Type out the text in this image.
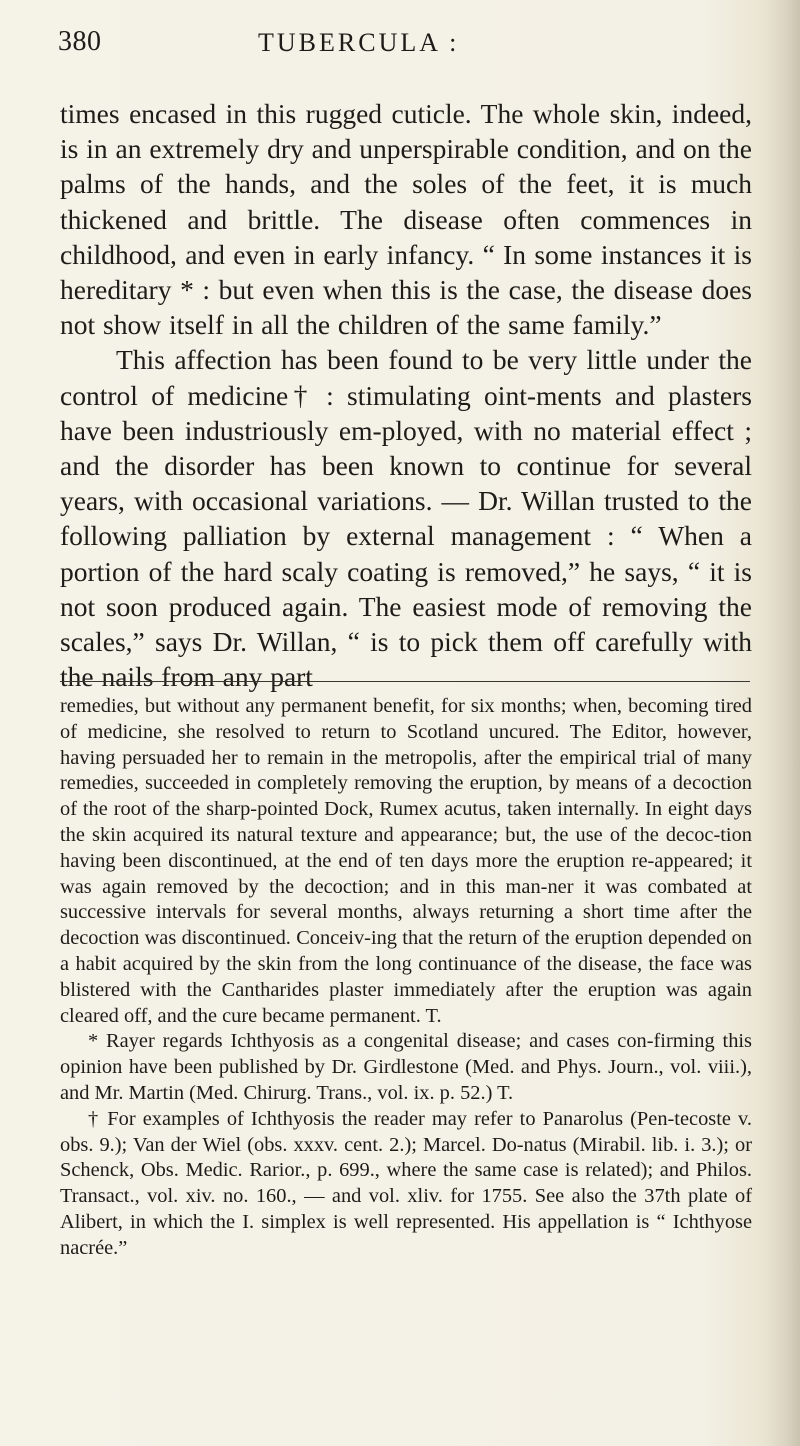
380	TUBERCULA :

times encased in this rugged cuticle. The whole skin, indeed, is in an extremely dry and unperspirable condition, and on the palms of the hands, and the soles of the feet, it is much thickened and brittle. The disease often commences in childhood, and even in early infancy. “ In some instances it is hereditary * : but even when this is the case, the disease does not show itself in all the children of the same family.”

This affection has been found to be very little under the control of medicine† : stimulating oint-ments and plasters have been industriously em-ployed, with no material effect ; and the disorder has been known to continue for several years, with occasional variations. — Dr. Willan trusted to the following palliation by external management : “ When a portion of the hard scaly coating is removed,” he says, “ it is not soon produced again. The easiest mode of removing the scales,” says Dr. Willan, “ is to pick them off carefully with the nails from any part

remedies, but without any permanent benefit, for six months; when, becoming tired of medicine, she resolved to return to Scotland uncured. The Editor, however, having persuaded her to remain in the metropolis, after the empirical trial of many remedies, succeeded in completely removing the eruption, by means of a decoction of the root of the sharp-pointed Dock, Rumex acutus, taken internally. In eight days the skin acquired its natural texture and appearance; but, the use of the decoc-tion having been discontinued, at the end of ten days more the eruption re-appeared; it was again removed by the decoction; and in this man-ner it was combated at successive intervals for several months, always returning a short time after the decoction was discontinued. Conceiv-ing that the return of the eruption depended on a habit acquired by the skin from the long continuance of the disease, the face was blistered with the Cantharides plaster immediately after the eruption was again cleared off, and the cure became permanent. T.

* Rayer regards Ichthyosis as a congenital disease; and cases con-firming this opinion have been published by Dr. Girdlestone (Med. and Phys. Journ., vol. viii.), and Mr. Martin (Med. Chirurg. Trans., vol. ix. p. 52.) T.

† For examples of Ichthyosis the reader may refer to Panarolus (Pen-tecoste v. obs. 9.); Van der Wiel (obs. xxxv. cent. 2.); Marcel. Do-natus (Mirabil. lib. i. 3.); or Schenck, Obs. Medic. Rarior., p. 699., where the same case is related); and Philos. Transact., vol. xiv. no. 160., — and vol. xliv. for 1755. See also the 37th plate of Alibert, in which the I. simplex is well represented. His appellation is “ Ichthyose nacrée.”
